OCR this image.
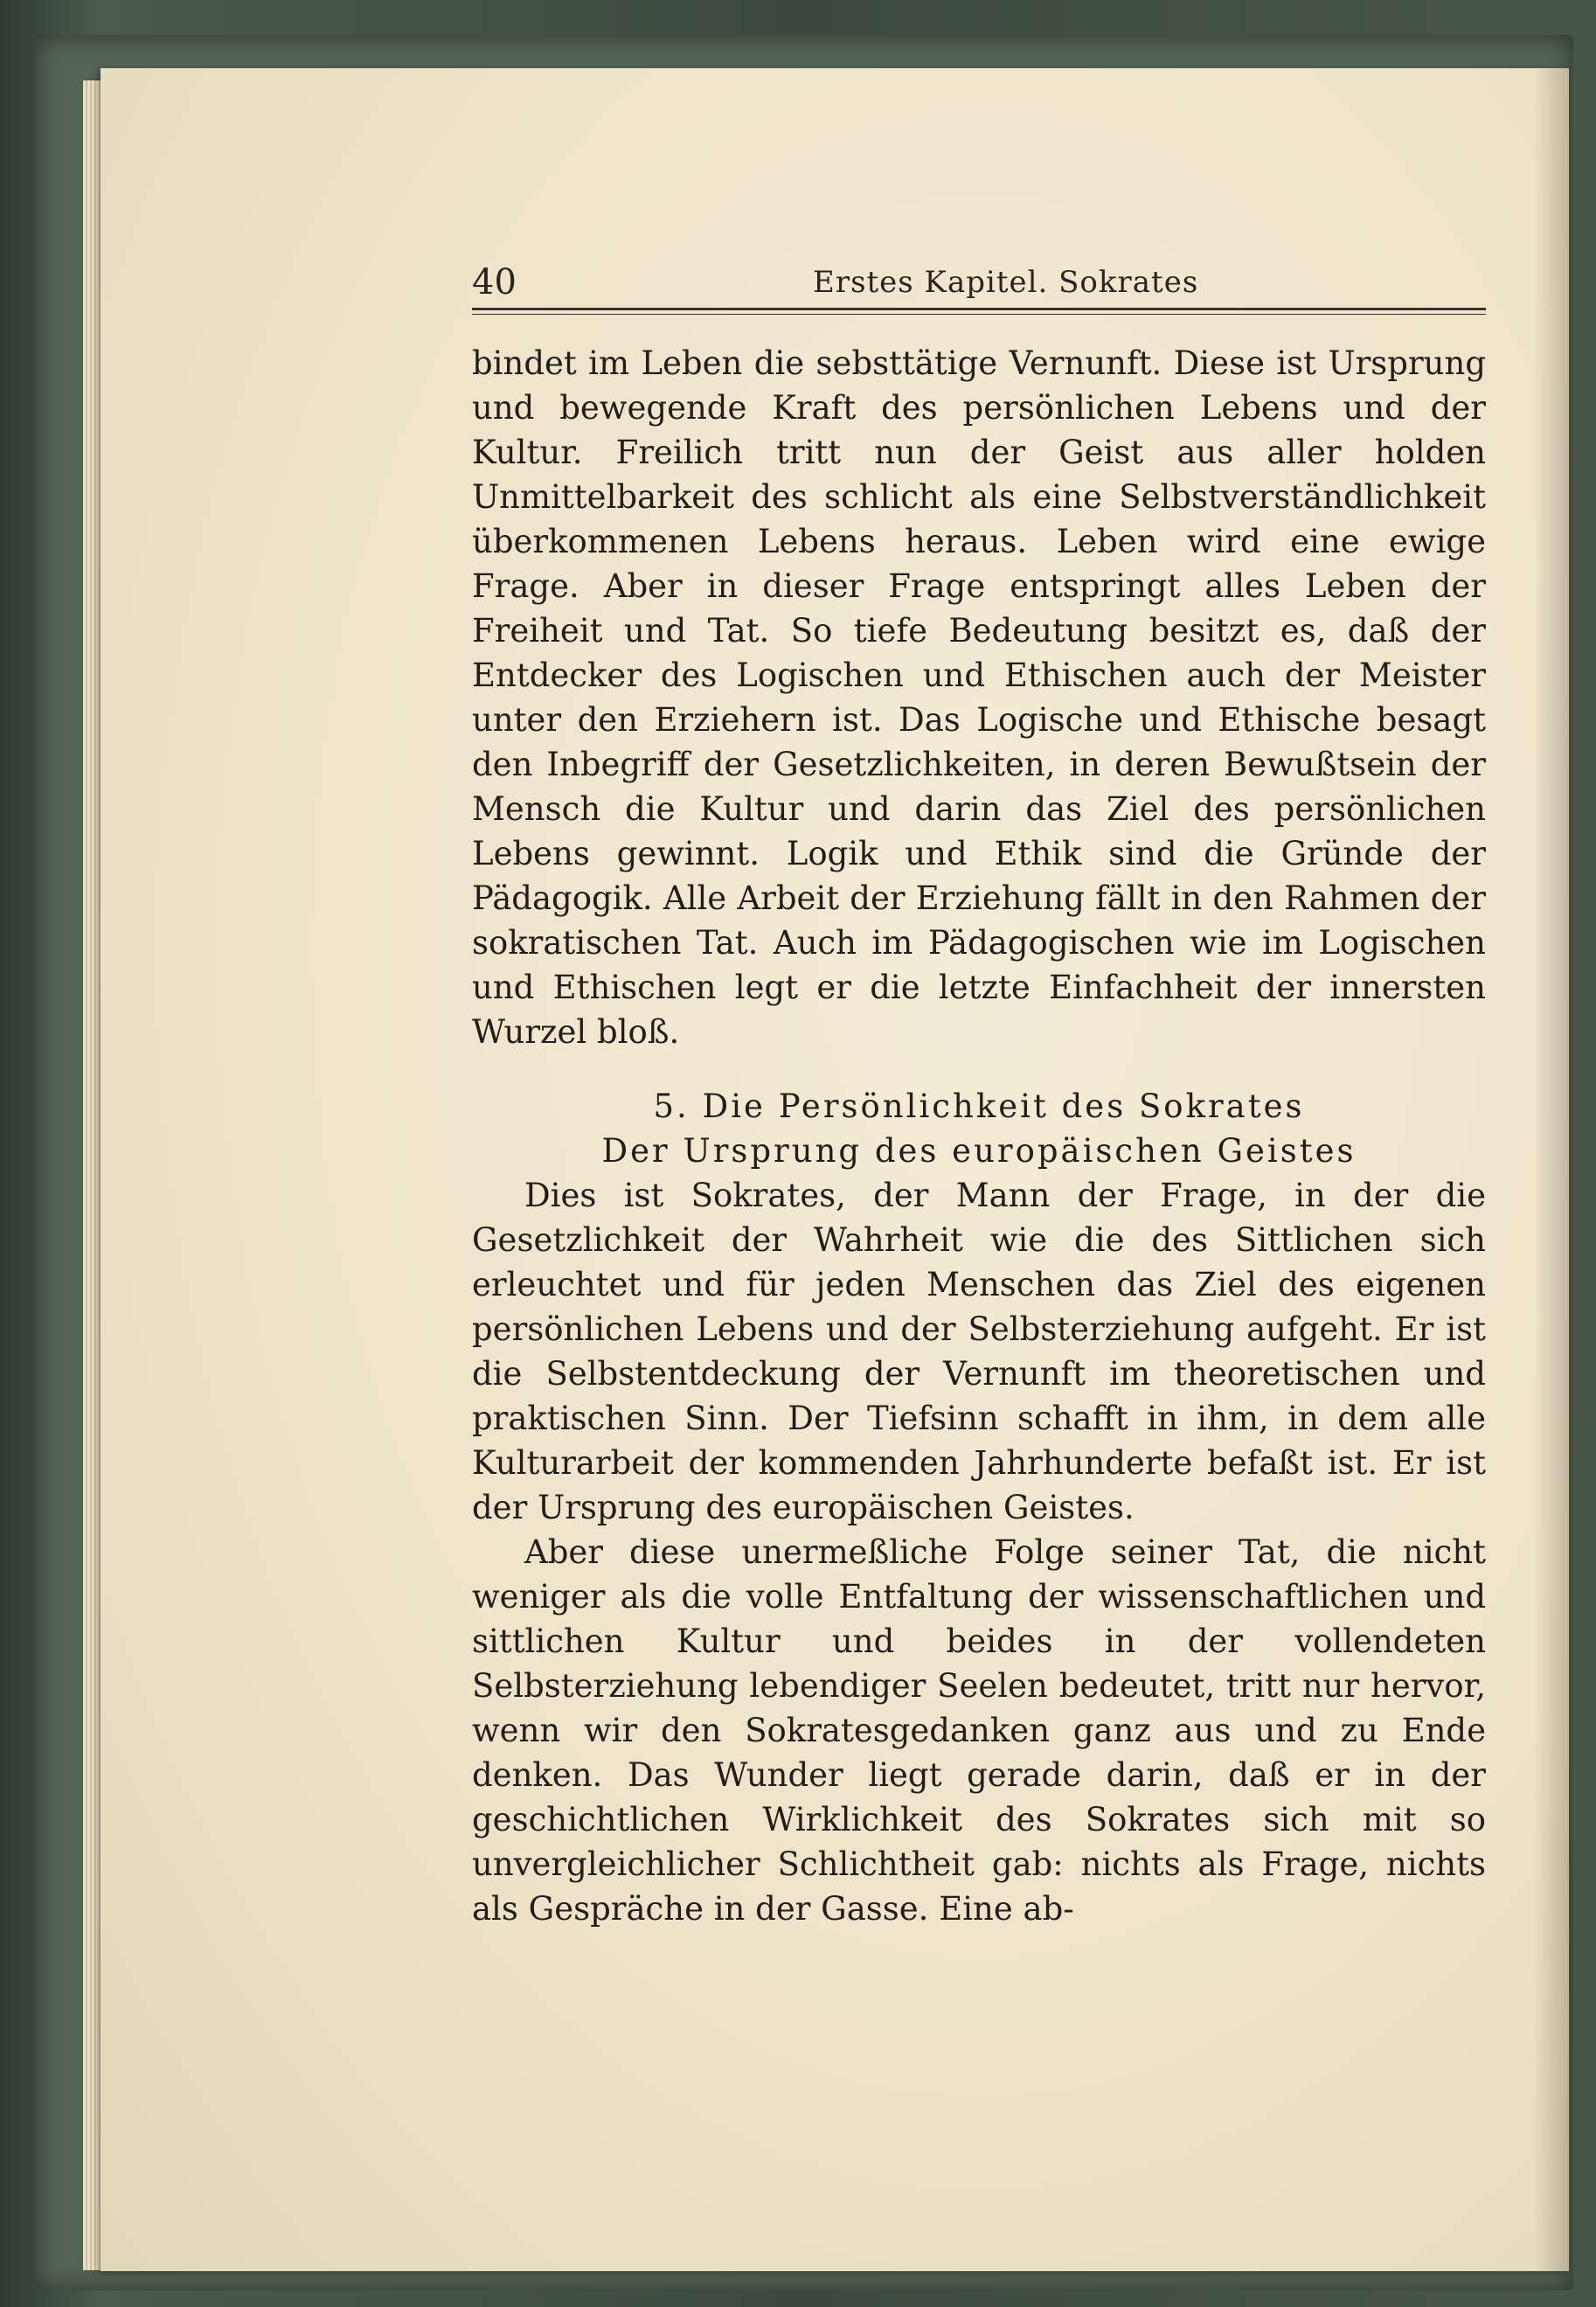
40	Erstes Kapitel. Sokrates

bindet im Leben die sebsttätige Vernunft. Diese ist Ursprung und bewegende Kraft des persönlichen Lebens und der Kultur. Freilich tritt nun der Geist aus aller holden Unmittelbarkeit des schlicht als eine Selbstverständlichkeit überkommenen Lebens heraus. Leben wird eine ewige Frage. Aber in dieser Frage entspringt alles Leben der Freiheit und Tat. So tiefe Bedeutung besitzt es, daß der Entdecker des Logischen und Ethischen auch der Meister unter den Erziehern ist. Das Logische und Ethische besagt den Inbegriff der Gesetzlichkeiten, in deren Bewußtsein der Mensch die Kultur und darin das Ziel des persönlichen Lebens gewinnt. Logik und Ethik sind die Gründe der Pädagogik. Alle Arbeit der Erziehung fällt in den Rahmen der sokratischen Tat. Auch im Pädagogischen wie im Logischen und Ethischen legt er die letzte Einfachheit der innersten Wurzel bloß.

5. Die Persönlichkeit des Sokrates

Der Ursprung des europäischen Geistes

Dies ist Sokrates, der Mann der Frage, in der die Gesetzlichkeit der Wahrheit wie die des Sittlichen sich erleuchtet und für jeden Menschen das Ziel des eigenen persönlichen Lebens und der Selbsterziehung aufgeht. Er ist die Selbstentdeckung der Vernunft im theoretischen und praktischen Sinn. Der Tiefsinn schafft in ihm, in dem alle Kulturarbeit der kommenden Jahrhunderte befaßt ist. Er ist der Ursprung des europäischen Geistes.

Aber diese unermeßliche Folge seiner Tat, die nicht weniger als die volle Entfaltung der wissenschaftlichen und sittlichen Kultur und beides in der vollendeten Selbsterziehung lebendiger Seelen bedeutet, tritt nur hervor, wenn wir den Sokratesgedanken ganz aus und zu Ende denken. Das Wunder liegt gerade darin, daß er in der geschichtlichen Wirklichkeit des Sokrates sich mit so unvergleichlicher Schlichtheit gab: nichts als Frage, nichts als Gespräche in der Gasse. Eine ab-
